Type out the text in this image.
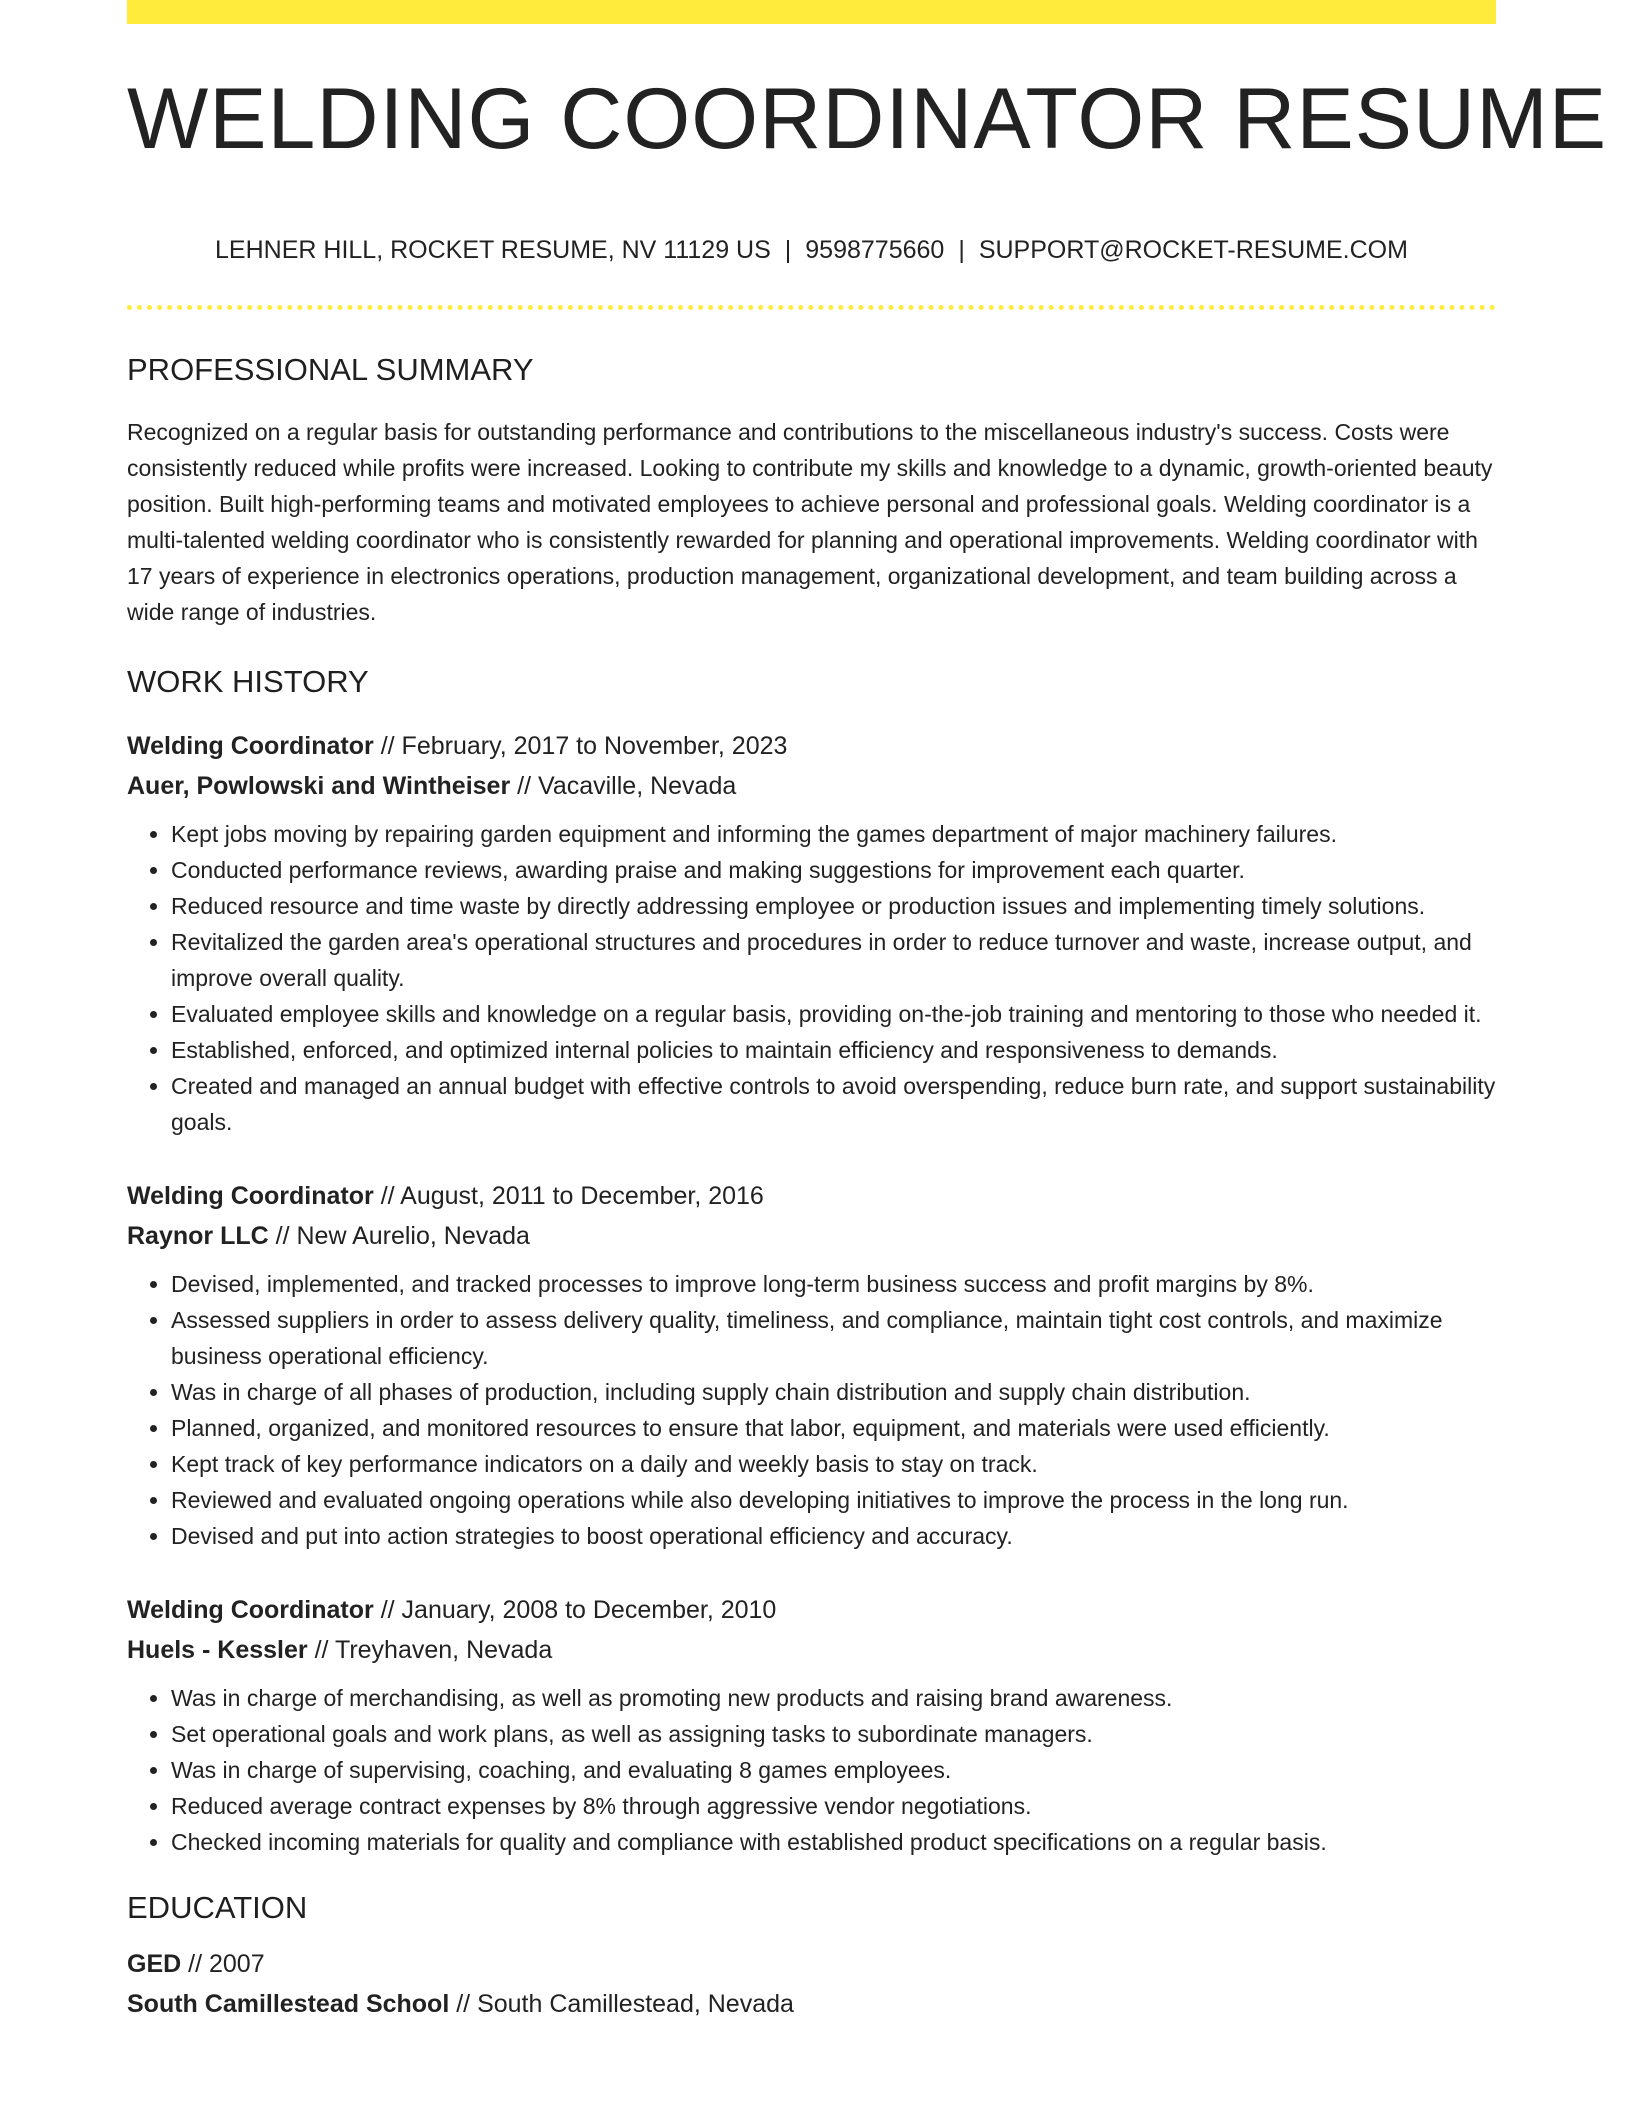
WELDING COORDINATOR RESUME
LEHNER HILL, ROCKET RESUME, NV 11129 US | 9598775660 | SUPPORT@ROCKET-RESUME.COM
PROFESSIONAL SUMMARY

Recognized on a regular basis for outstanding performance and contributions to the miscellaneous industry's success. Costs were consistently reduced while profits were increased. Looking to contribute my skills and knowledge to a dynamic, growth-oriented beauty position. Built high-performing teams and motivated employees to achieve personal and professional goals. Welding coordinator is a multi-talented welding coordinator who is consistently rewarded for planning and operational improvements. Welding coordinator with 17 years of experience in electronics operations, production management, organizational development, and team building across a wide range of industries.

WORK HISTORY
Welding Coordinator // February, 2017 to November, 2023
Auer, Powlowski and Wintheiser // Vacaville, Nevada
• Kept jobs moving by repairing garden equipment and informing the games department of major machinery failures.
• Conducted performance reviews, awarding praise and making suggestions for improvement each quarter.
• Reduced resource and time waste by directly addressing employee or production issues and implementing timely solutions.
• Revitalized the garden area's operational structures and procedures in order to reduce turnover and waste, increase output, and improve overall quality.
• Evaluated employee skills and knowledge on a regular basis, providing on-the-job training and mentoring to those who needed it.
• Established, enforced, and optimized internal policies to maintain efficiency and responsiveness to demands.
• Created and managed an annual budget with effective controls to avoid overspending, reduce burn rate, and support sustainability goals.
Welding Coordinator // August, 2011 to December, 2016
Raynor LLC // New Aurelio, Nevada
• Devised, implemented, and tracked processes to improve long-term business success and profit margins by 8%.
• Assessed suppliers in order to assess delivery quality, timeliness, and compliance, maintain tight cost controls, and maximize business operational efficiency.
• Was in charge of all phases of production, including supply chain distribution and supply chain distribution.
• Planned, organized, and monitored resources to ensure that labor, equipment, and materials were used efficiently.
• Kept track of key performance indicators on a daily and weekly basis to stay on track.
• Reviewed and evaluated ongoing operations while also developing initiatives to improve the process in the long run.
• Devised and put into action strategies to boost operational efficiency and accuracy.
Welding Coordinator // January, 2008 to December, 2010
Huels - Kessler // Treyhaven, Nevada
• Was in charge of merchandising, as well as promoting new products and raising brand awareness.
• Set operational goals and work plans, as well as assigning tasks to subordinate managers.
• Was in charge of supervising, coaching, and evaluating 8 games employees.
• Reduced average contract expenses by 8% through aggressive vendor negotiations.
• Checked incoming materials for quality and compliance with established product specifications on a regular basis.
EDUCATION
GED // 2007
South Camillestead School // South Camillestead, Nevada
